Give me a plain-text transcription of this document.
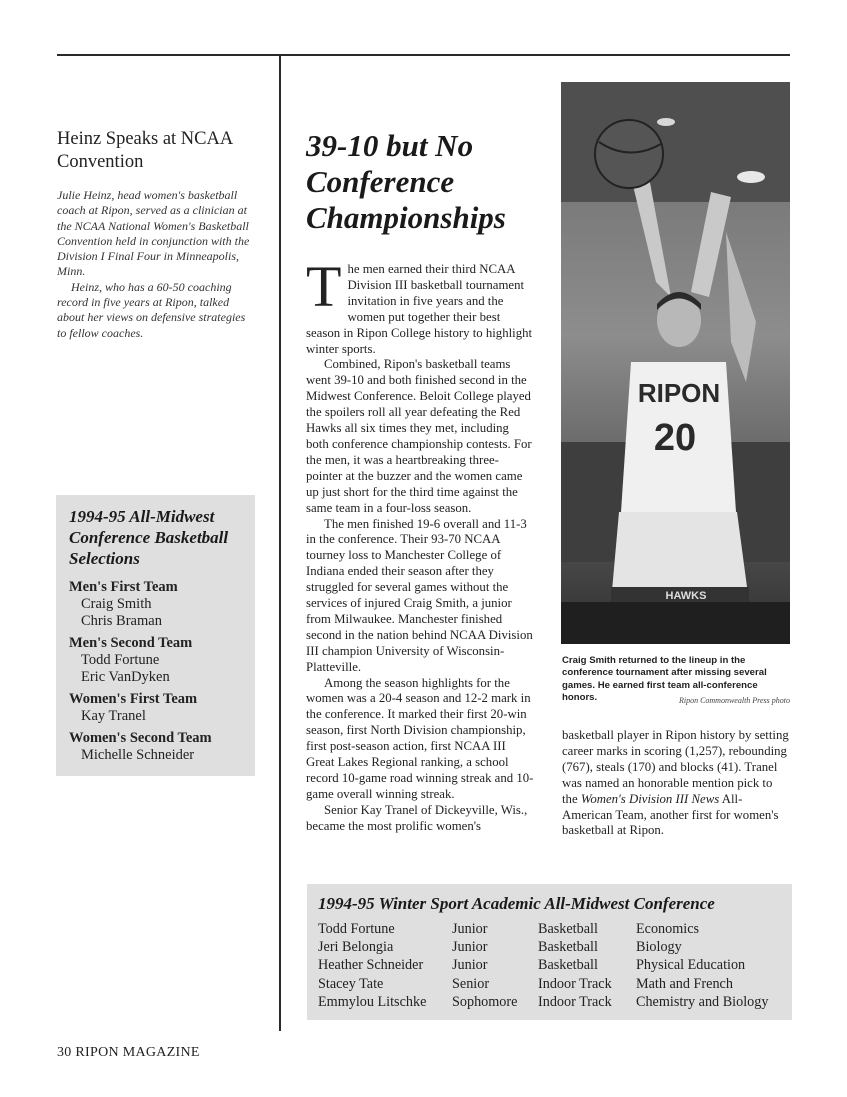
Heinz Speaks at NCAA Convention

Julie Heinz, head women's basketball coach at Ripon, served as a clinician at the NCAA National Women's Basketball Convention held in conjunction with the Division I Final Four in Minneapolis, Minn.

Heinz, who has a 60-50 coaching record in five years at Ripon, talked about her views on defensive strategies to fellow coaches.

1994-95 All-Midwest Conference Basketball Selections
Men's First Team
Craig Smith
Chris Braman
Men's Second Team
Todd Fortune
Eric VanDyken
Women's First Team
Kay Tranel
Women's Second Team
Michelle Schneider
39-10 but No Conference Championships

The men earned their third NCAA Division III basketball tournament invitation in five years and the women put together their best season in Ripon College history to highlight winter sports.

Combined, Ripon's basketball teams went 39-10 and both finished second in the Midwest Conference. Beloit College played the spoilers roll all year defeating the Red Hawks all six times they met, including both conference championship contests. For the men, it was a heartbreaking three-pointer at the buzzer and the women came up just short for the third time against the same team in a four-loss season.

The men finished 19-6 overall and 11-3 in the conference. Their 93-70 NCAA tourney loss to Manchester College of Indiana ended their season after they struggled for several games without the services of injured Craig Smith, a junior from Milwaukee. Manchester finished second in the nation behind NCAA Division III champion University of Wisconsin-Platteville.

Among the season highlights for the women was a 20-4 season and 12-2 mark in the conference. It marked their first 20-win season, first North Division championship, first post-season action, first NCAA III Great Lakes Regional ranking, a school record 10-game road winning streak and 10-game overall winning streak.

Senior Kay Tranel of Dickeyville, Wis., became the most prolific women's

RIPON
20
HAWKS
Craig Smith returned to the lineup in the conference tournament after missing several games. He earned first team all-conference honors.	Ripon Commonwealth Press photo

basketball player in Ripon history by setting career marks in scoring (1,257), rebounding (767), steals (170) and blocks (41). Tranel was named an honorable mention pick to the Women's Division III News All-American Team, another first for women's basketball at Ripon.

1994-95 Winter Sport Academic All-Midwest Conference
Todd Fortune	Junior	Basketball	Economics
Jeri Belongia	Junior	Basketball	Biology
Heather Schneider	Junior	Basketball	Physical Education
Stacey Tate	Senior	Indoor Track	Math and French
Emmylou Litschke	Sophomore	Indoor Track	Chemistry and Biology
30 RIPON MAGAZINE
